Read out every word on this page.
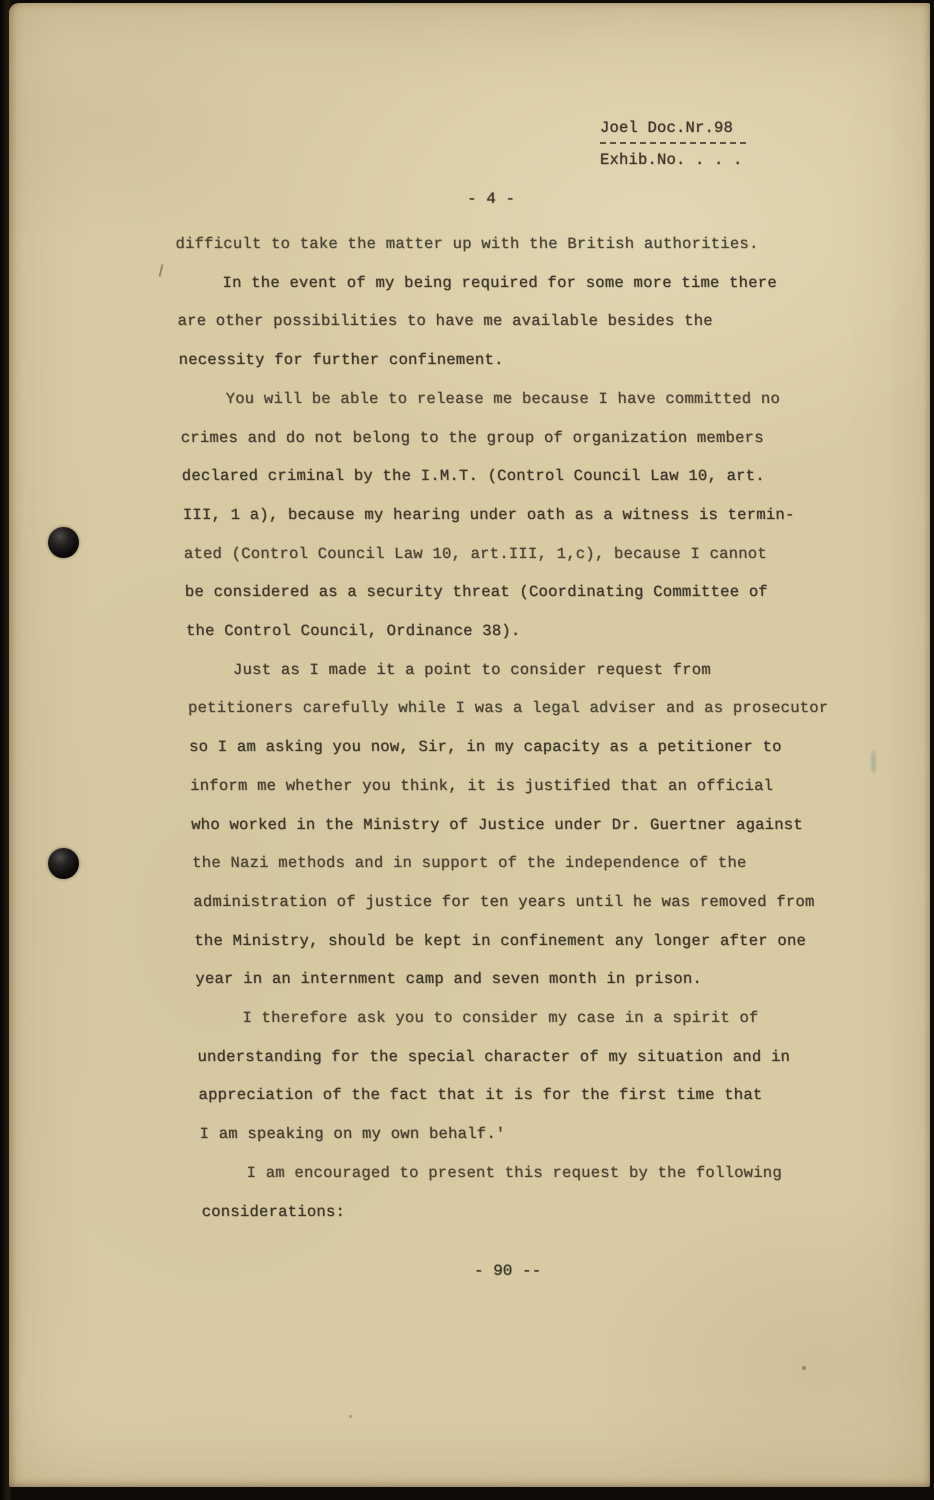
Joel Doc.Nr.98
Exhib.No. . . .
- 4 -
difficult to take the matter up with the British authorities.
In the event of my being required for some more time there
are other possibilities to have me available besides the
necessity for further confinement.
You will be able to release me because I have committed no
crimes and do not belong to the group of organization members
declared criminal by the I.M.T. (Control Council Law 10, art.
III, 1 a), because my hearing under oath as a witness is termin-
ated (Control Council Law 10, art.III, 1,c), because I cannot
be considered as a security threat (Coordinating Committee of
the Control Council, Ordinance 38).
Just as I made it a point to consider request from
petitioners carefully while I was a legal adviser and as prosecutor
so I am asking you now, Sir, in my capacity as a petitioner to
inform me whether you think, it is justified that an official
who worked in the Ministry of Justice under Dr. Guertner against
the Nazi methods and in support of the independence of the
administration of justice for ten years until he was removed from
the Ministry, should be kept in confinement any longer after one
year in an internment camp and seven month in prison.
I therefore ask you to consider my case in a spirit of
understanding for the special character of my situation and in
appreciation of the fact that it is for the first time that
I am speaking on my own behalf.'
I am encouraged to present this request by the following
considerations:
- 90 --
